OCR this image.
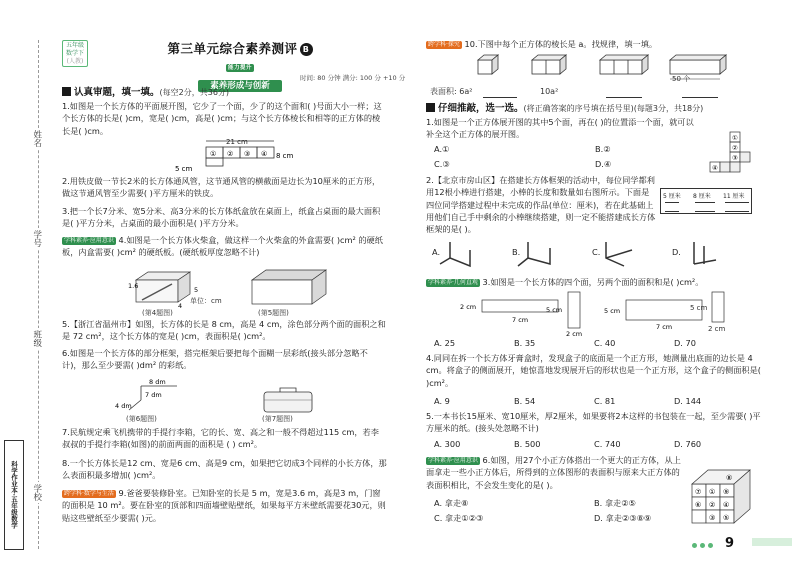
姓名
学号
班级
学校
科学作业本·五年级数学
五年级
数学下
(人教)
第三单元综合素养测评 B能力提升
素养形成与创新
时间: 80 分钟 满分: 100 分 +10 分
认真审题，填一填。(每空2分，共36分)
1.如图是一个长方体的平面展开图，它少了一个面，少了的这个面和( )号面大小一样；这个长方体的长是( )cm，宽是( )cm，高是( )cm；与这个长方体棱长和相等的正方体的棱长是( )cm。
21 cm
① ② ③ ④
5 cm
8 cm
2.用铁皮做一节长2米的长方体通风管，这节通风管的横截面是边长为10厘米的正方形，做这节通风管至少需要( )平方厘米的铁皮。
3.把一个长7分米、宽5分米、高3分米的长方体纸盒放在桌面上，纸盒占桌面的最大面积是( )平方分米，占桌面的最小面积是( )平方分米。
学科素养·应用意识 4.如图是一个长方体火柴盒，做这样一个火柴盒的外盒需要( )cm² 的硬纸板，内盒需要( )cm² 的硬纸板。(硬纸板厚度忽略不计)
1.6
4
5
单位：cm
(第4题图)	(第5题图)
5.【浙江省温州市】如图，长方体的长是 8 cm，高是 4 cm，涂色部分两个面的面积之和是 72 cm²，这个长方体的宽是( )cm，表面积是( )cm²。
6.如图是一个长方体的部分框架，搭完框架后要把每个面糊一层彩纸(接头部分忽略不计)，那么至少要需( )dm² 的彩纸。
8 dm
7 dm
4 dm
(第6题图)	(第7题图)
7.民航规定乘飞机携带的手提行李箱，它的长、宽、高之和一般不得超过115 cm，若李叔叔的手提行李箱(如图)的前面两面的面积是 ( ) cm²。
8.一个长方体长是12 cm、宽是6 cm、高是9 cm，如果把它切成3个同样的小长方体，那么表面积最多增加( )cm²。
跨学科·数学与生活 9.爸爸要装修卧室。已知卧室的长是 5 m，宽是3.6 m，高是3 m，门窗的面积是 10 m²。要在卧室的顶部和四面墙壁贴壁纸，如果每平方米壁纸需要花30元，则贴这些壁纸至少要需( )元。
跨学科·探究 10.下图中每个正方体的棱长是 a。找规律，填一填。
50 个
表面积: 6a²	10a²
仔细推敲，选一选。(将正确答案的序号填在括号里)(每题3分，共18分)
1.如图是一个正方体展开图的其中5个面，再在( )的位置添一个面，就可以补全这个正方体的展开图。
A.①	B.②
C.③	D.④
①
②
③
④
2.【北京市房山区】在搭建长方体框架的活动中，每位同学都利用12根小棒进行搭建，小棒的长度和数量如右图所示。下面是四位同学搭建过程中未完成的作品(单位：厘米)，若在此基础上用他们自己手中剩余的小棒继续搭建，则一定不能搭建成长方体框架的是( )。
5 厘米 8 厘米 11 厘米
A.	B.	C.	D.
学科素养·几何直观 3.如图是一个长方体的四个面，另两个面的面积和是( )cm²。
2 cm
7 cm
5 cm
2 cm
5 cm
7 cm
5 cm
2 cm
A. 25	B. 35	C. 40	D. 70
4.同同在拆一个长方体牙膏盒时，发现盒子的底面是一个正方形，她测量出底面的边长是 4 cm。将盒子的侧面展开，她惊喜地发现展开后的形状也是一个正方形，这个盒子的侧面积是( )cm²。
A. 9	B. 54	C. 81	D. 144
5.一本书长15厘米、宽10厘米，厚2厘米，如果要将2本这样的书包装在一起，至少需要( )平方厘米的纸。(接头处忽略不计)
A. 300	B. 500	C. 740	D. 760
学科素养·应用意识 6.如图，用27个小正方体搭出一个更大的正方体，从上面拿走一些小正方体后，所得到的立体图形的表面积与原来大正方体的表面积相比，不会发生变化的是( )。
A. 拿走⑧	B. 拿走②⑤
C. 拿走①②③	D. 拿走②③⑧⑨
⑦ ① ⑨
⑥ ② ④
③ ⑤
⑧
9
